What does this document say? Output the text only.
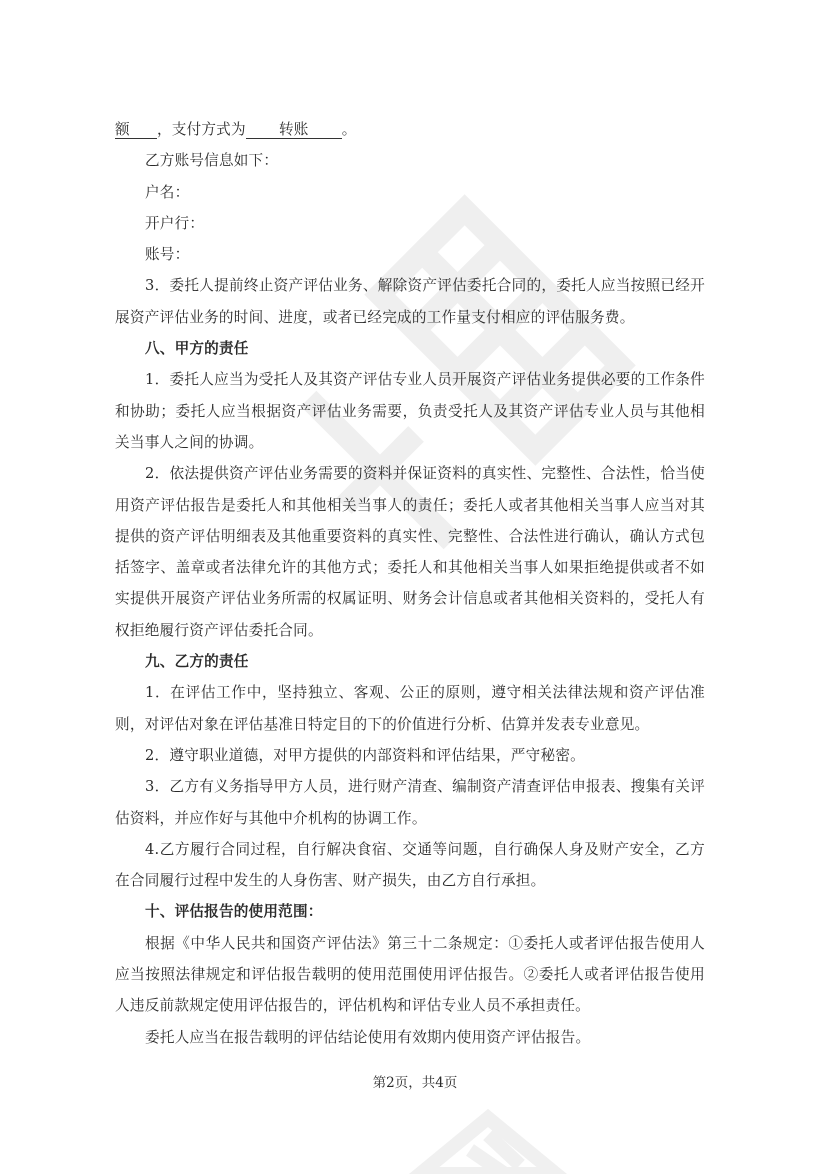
额 ，支付方式为 转账 。
乙方账号信息如下：
户名：
开户行：
账号：
3．委托人提前终止资产评估业务、解除资产评估委托合同的，委托人应当按照已经开展资产评估业务的时间、进度，或者已经完成的工作量支付相应的评估服务费。
八、甲方的责任
1．委托人应当为受托人及其资产评估专业人员开展资产评估业务提供必要的工作条件和协助；委托人应当根据资产评估业务需要，负责受托人及其资产评估专业人员与其他相关当事人之间的协调。
2．依法提供资产评估业务需要的资料并保证资料的真实性、完整性、合法性，恰当使用资产评估报告是委托人和其他相关当事人的责任；委托人或者其他相关当事人应当对其提供的资产评估明细表及其他重要资料的真实性、完整性、合法性进行确认，确认方式包括签字、盖章或者法律允许的其他方式；委托人和其他相关当事人如果拒绝提供或者不如实提供开展资产评估业务所需的权属证明、财务会计信息或者其他相关资料的，受托人有权拒绝履行资产评估委托合同。
九、乙方的责任
1．在评估工作中，坚持独立、客观、公正的原则，遵守相关法律法规和资产评估准则，对评估对象在评估基准日特定目的下的价值进行分析、估算并发表专业意见。
2．遵守职业道德，对甲方提供的内部资料和评估结果，严守秘密。
3．乙方有义务指导甲方人员，进行财产清查、编制资产清查评估申报表、搜集有关评估资料，并应作好与其他中介机构的协调工作。
4.乙方履行合同过程，自行解决食宿、交通等问题，自行确保人身及财产安全，乙方在合同履行过程中发生的人身伤害、财产损失，由乙方自行承担。
十、评估报告的使用范围：
根据《中华人民共和国资产评估法》第三十二条规定：①委托人或者评估报告使用人应当按照法律规定和评估报告载明的使用范围使用评估报告。②委托人或者评估报告使用人违反前款规定使用评估报告的，评估机构和评估专业人员不承担责任。
委托人应当在报告载明的评估结论使用有效期内使用资产评估报告。
第2页，共4页
